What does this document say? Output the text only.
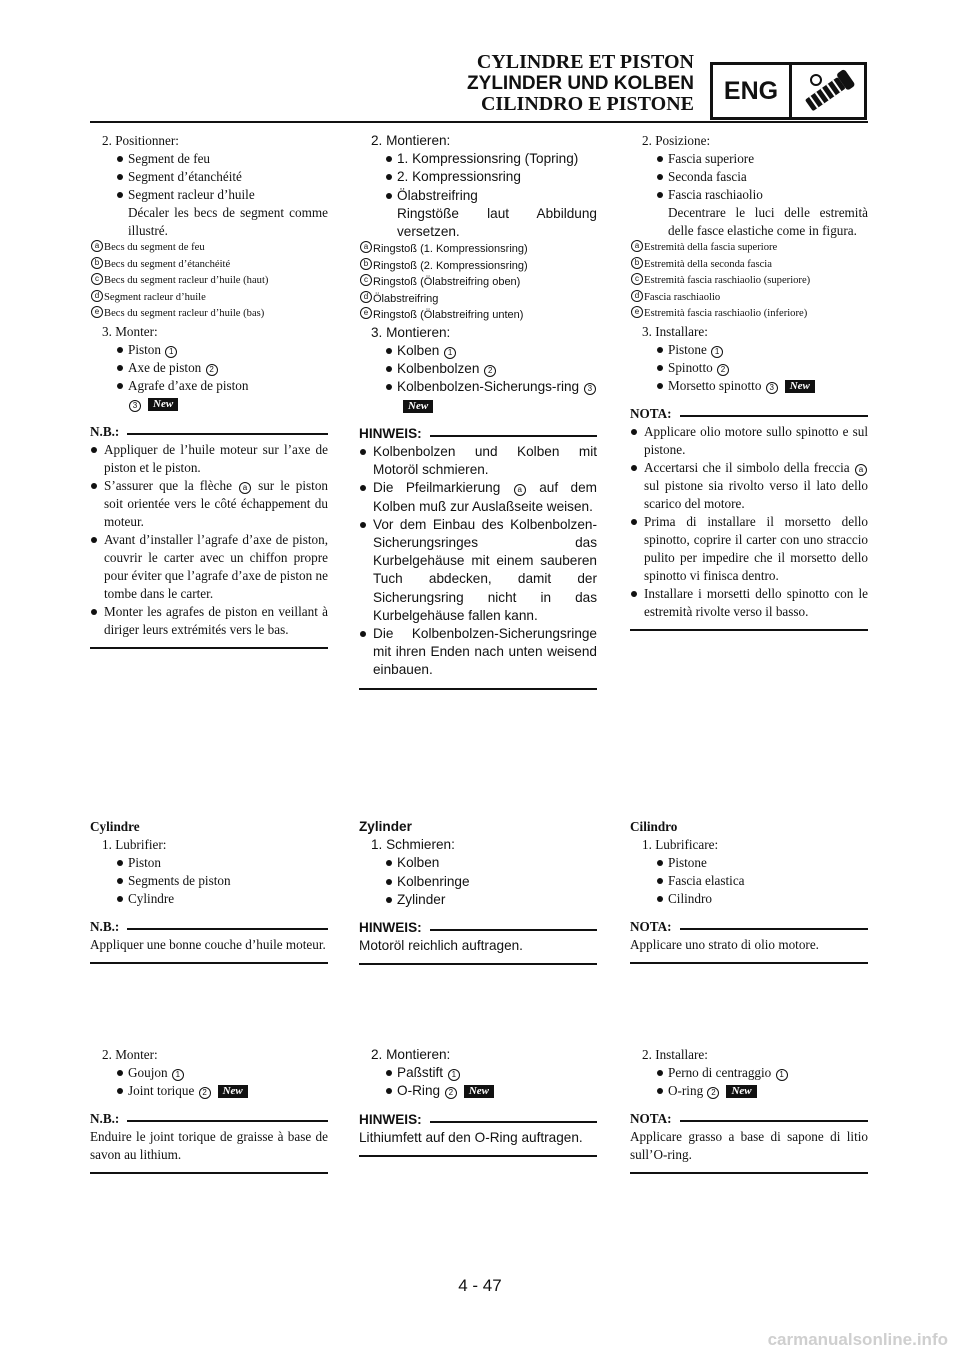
CYLINDRE ET PISTON
ZYLINDER UND KOLBEN
CILINDRO E PISTONE	ENG
2. Positionner:
Segment de feu
Segment d’étanchéité
Segment racleur d’huile
Décaler les becs de segment comme illustré.
a Becs du segment de feu
b Becs du segment d’étanchéité
c Becs du segment racleur d’huile (haut)
d Segment racleur d’huile
e Becs du segment racleur d’huile (bas)
3. Monter:
Piston 1
Axe de piston 2
Agrafe d’axe de piston
3 New
N.B.:
Appliquer de l’huile moteur sur l’axe de piston et le piston.
S’assurer que la flèche a sur le piston soit orientée vers le côté échappement du moteur.
Avant d’installer l’agrafe d’axe de piston, couvrir le carter avec un chiffon propre pour éviter que l’agrafe d’axe de piston ne tombe dans le carter.
Monter les agrafes de piston en veillant à diriger leurs extrémités vers le bas.
Cylindre
1. Lubrifier:
Piston
Segments de piston
Cylindre
N.B.:
Appliquer une bonne couche d’huile moteur.
2. Monter:
Goujon 1
Joint torique 2 New
N.B.:
Enduire le joint torique de graisse à base de savon au lithium.
2. Montieren:
1. Kompressionsring (Topring)
2. Kompressionsring
Ölabstreifring
Ringstöße laut Abbildung versetzen.
a Ringstoß (1. Kompressionsring)
b Ringstoß (2. Kompressionsring)
c Ringstoß (Ölabstreifring oben)
d Ölabstreifring
e Ringstoß (Ölabstreifring unten)
3. Montieren:
Kolben 1
Kolbenbolzen 2
Kolbenbolzen-Sicherungs-ring 3New
HINWEIS:
Kolbenbolzen und Kolben mit Motoröl schmieren.
Die Pfeilmarkierung a auf dem Kolben muß zur Auslaßseite weisen.
Vor dem Einbau des Kolbenbolzen-Sicherungsringes das Kurbelgehäuse mit einem sauberen Tuch abdecken, damit der Sicherungsring nicht in das Kurbelgehäuse fallen kann.
Die Kolbenbolzen-Sicherungsringe mit ihren Enden nach unten weisend einbauen.
Zylinder
1. Schmieren:
Kolben
Kolbenringe
Zylinder
HINWEIS:
Motoröl reichlich auftragen.
2. Montieren:
Paßstift 1
O-Ring 2 New
HINWEIS:
Lithiumfett auf den O-Ring auftragen.
2. Posizione:
Fascia superiore
Seconda fascia
Fascia raschiaolio
Decentrare le luci delle estremità delle fasce elastiche come in figura.
a Estremità della fascia superiore
b Estremità della seconda fascia
c Estremità fascia raschiaolio (superiore)
d Fascia raschiaolio
e Estremità fascia raschiaolio (inferiore)
3. Installare:
Pistone 1
Spinotto 2
Morsetto spinotto 3 New
NOTA:
Applicare olio motore sullo spinotto e sul pistone.
Accertarsi che il simbolo della freccia a sul pistone sia rivolto verso il lato dello scarico del motore.
Prima di installare il morsetto dello spinotto, coprire il carter con uno straccio pulito per impedire che il morsetto dello spinotto vi finisca dentro.
Installare i morsetti dello spinotto con le estremità rivolte verso il basso.
Cilindro
1. Lubrificare:
Pistone
Fascia elastica
Cilindro
NOTA:
Applicare uno strato di olio motore.
2. Installare:
Perno di centraggio 1
O-ring 2 New
NOTA:
Applicare grasso a base di sapone di litio sull’O-ring.
4 - 47
carmanualsonline.info
